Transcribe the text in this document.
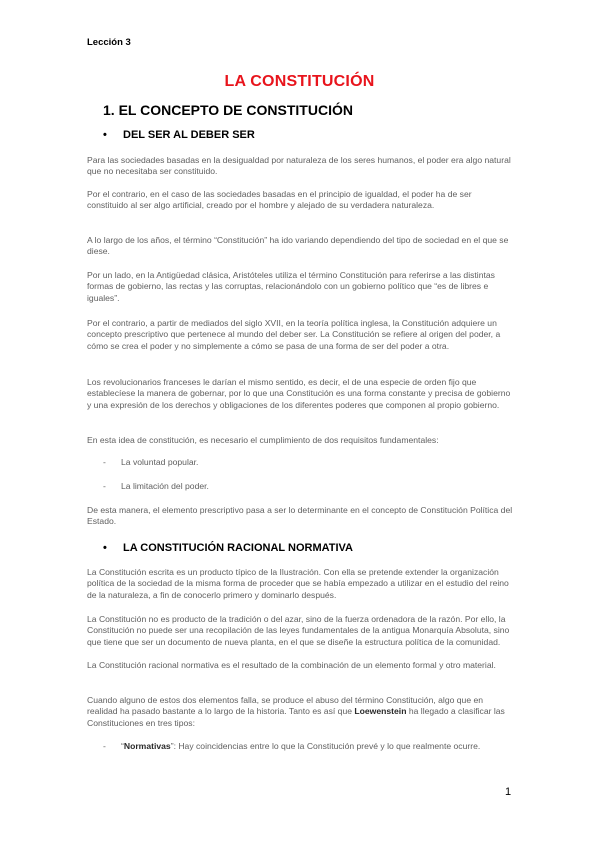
Lección 3
LA CONSTITUCIÓN
1. EL CONCEPTO DE CONSTITUCIÓN
• DEL SER AL DEBER SER

Para las sociedades basadas en la desigualdad por naturaleza de los seres humanos, el poder era algo natural que no necesitaba ser constituido.

Por el contrario, en el caso de las sociedades basadas en el principio de igualdad, el poder ha de ser constituido al ser algo artificial, creado por el hombre y alejado de su verdadera naturaleza.

A lo largo de los años, el término “Constitución” ha ido variando dependiendo del tipo de sociedad en el que se diese.

Por un lado, en la Antigüedad clásica, Aristóteles utiliza el término Constitución para referirse a las distintas formas de gobierno, las rectas y las corruptas, relacionándolo con un gobierno político que “es de libres e iguales”.

Por el contrario, a partir de mediados del siglo XVII, en la teoría política inglesa, la Constitución adquiere un concepto prescriptivo que pertenece al mundo del deber ser. La Constitución se refiere al origen del poder, a cómo se crea el poder y no simplemente a cómo se pasa de una forma de ser del poder a otra.

Los revolucionarios franceses le darían el mismo sentido, es decir, el de una especie de orden fijo que establecíese la manera de gobernar, por lo que una Constitución es una forma constante y precisa de gobierno y una expresión de los derechos y obligaciones de los diferentes poderes que componen al propio gobierno.

En esta idea de constitución, es necesario el cumplimiento de dos requisitos fundamentales:

- La voluntad popular.
- La limitación del poder.

De esta manera, el elemento prescriptivo pasa a ser lo determinante en el concepto de Constitución Política del Estado.

• LA CONSTITUCIÓN RACIONAL NORMATIVA

La Constitución escrita es un producto típico de la Ilustración. Con ella se pretende extender la organización política de la sociedad de la misma forma de proceder que se había empezado a utilizar en el estudio del reino de la naturaleza, a fin de conocerlo primero y dominarlo después.

La Constitución no es producto de la tradición o del azar, sino de la fuerza ordenadora de la razón. Por ello, la Constitución no puede ser una recopilación de las leyes fundamentales de la antigua Monarquía Absoluta, sino que tiene que ser un documento de nueva planta, en el que se diseñe la estructura política de la comunidad.

La Constitución racional normativa es el resultado de la combinación de un elemento formal y otro material.

Cuando alguno de estos dos elementos falla, se produce el abuso del término Constitución, algo que en realidad ha pasado bastante a lo largo de la historia. Tanto es así que Loewenstein ha llegado a clasificar las Constituciones en tres tipos:

- “Normativas”: Hay coincidencias entre lo que la Constitución prevé y lo que realmente ocurre.
1
